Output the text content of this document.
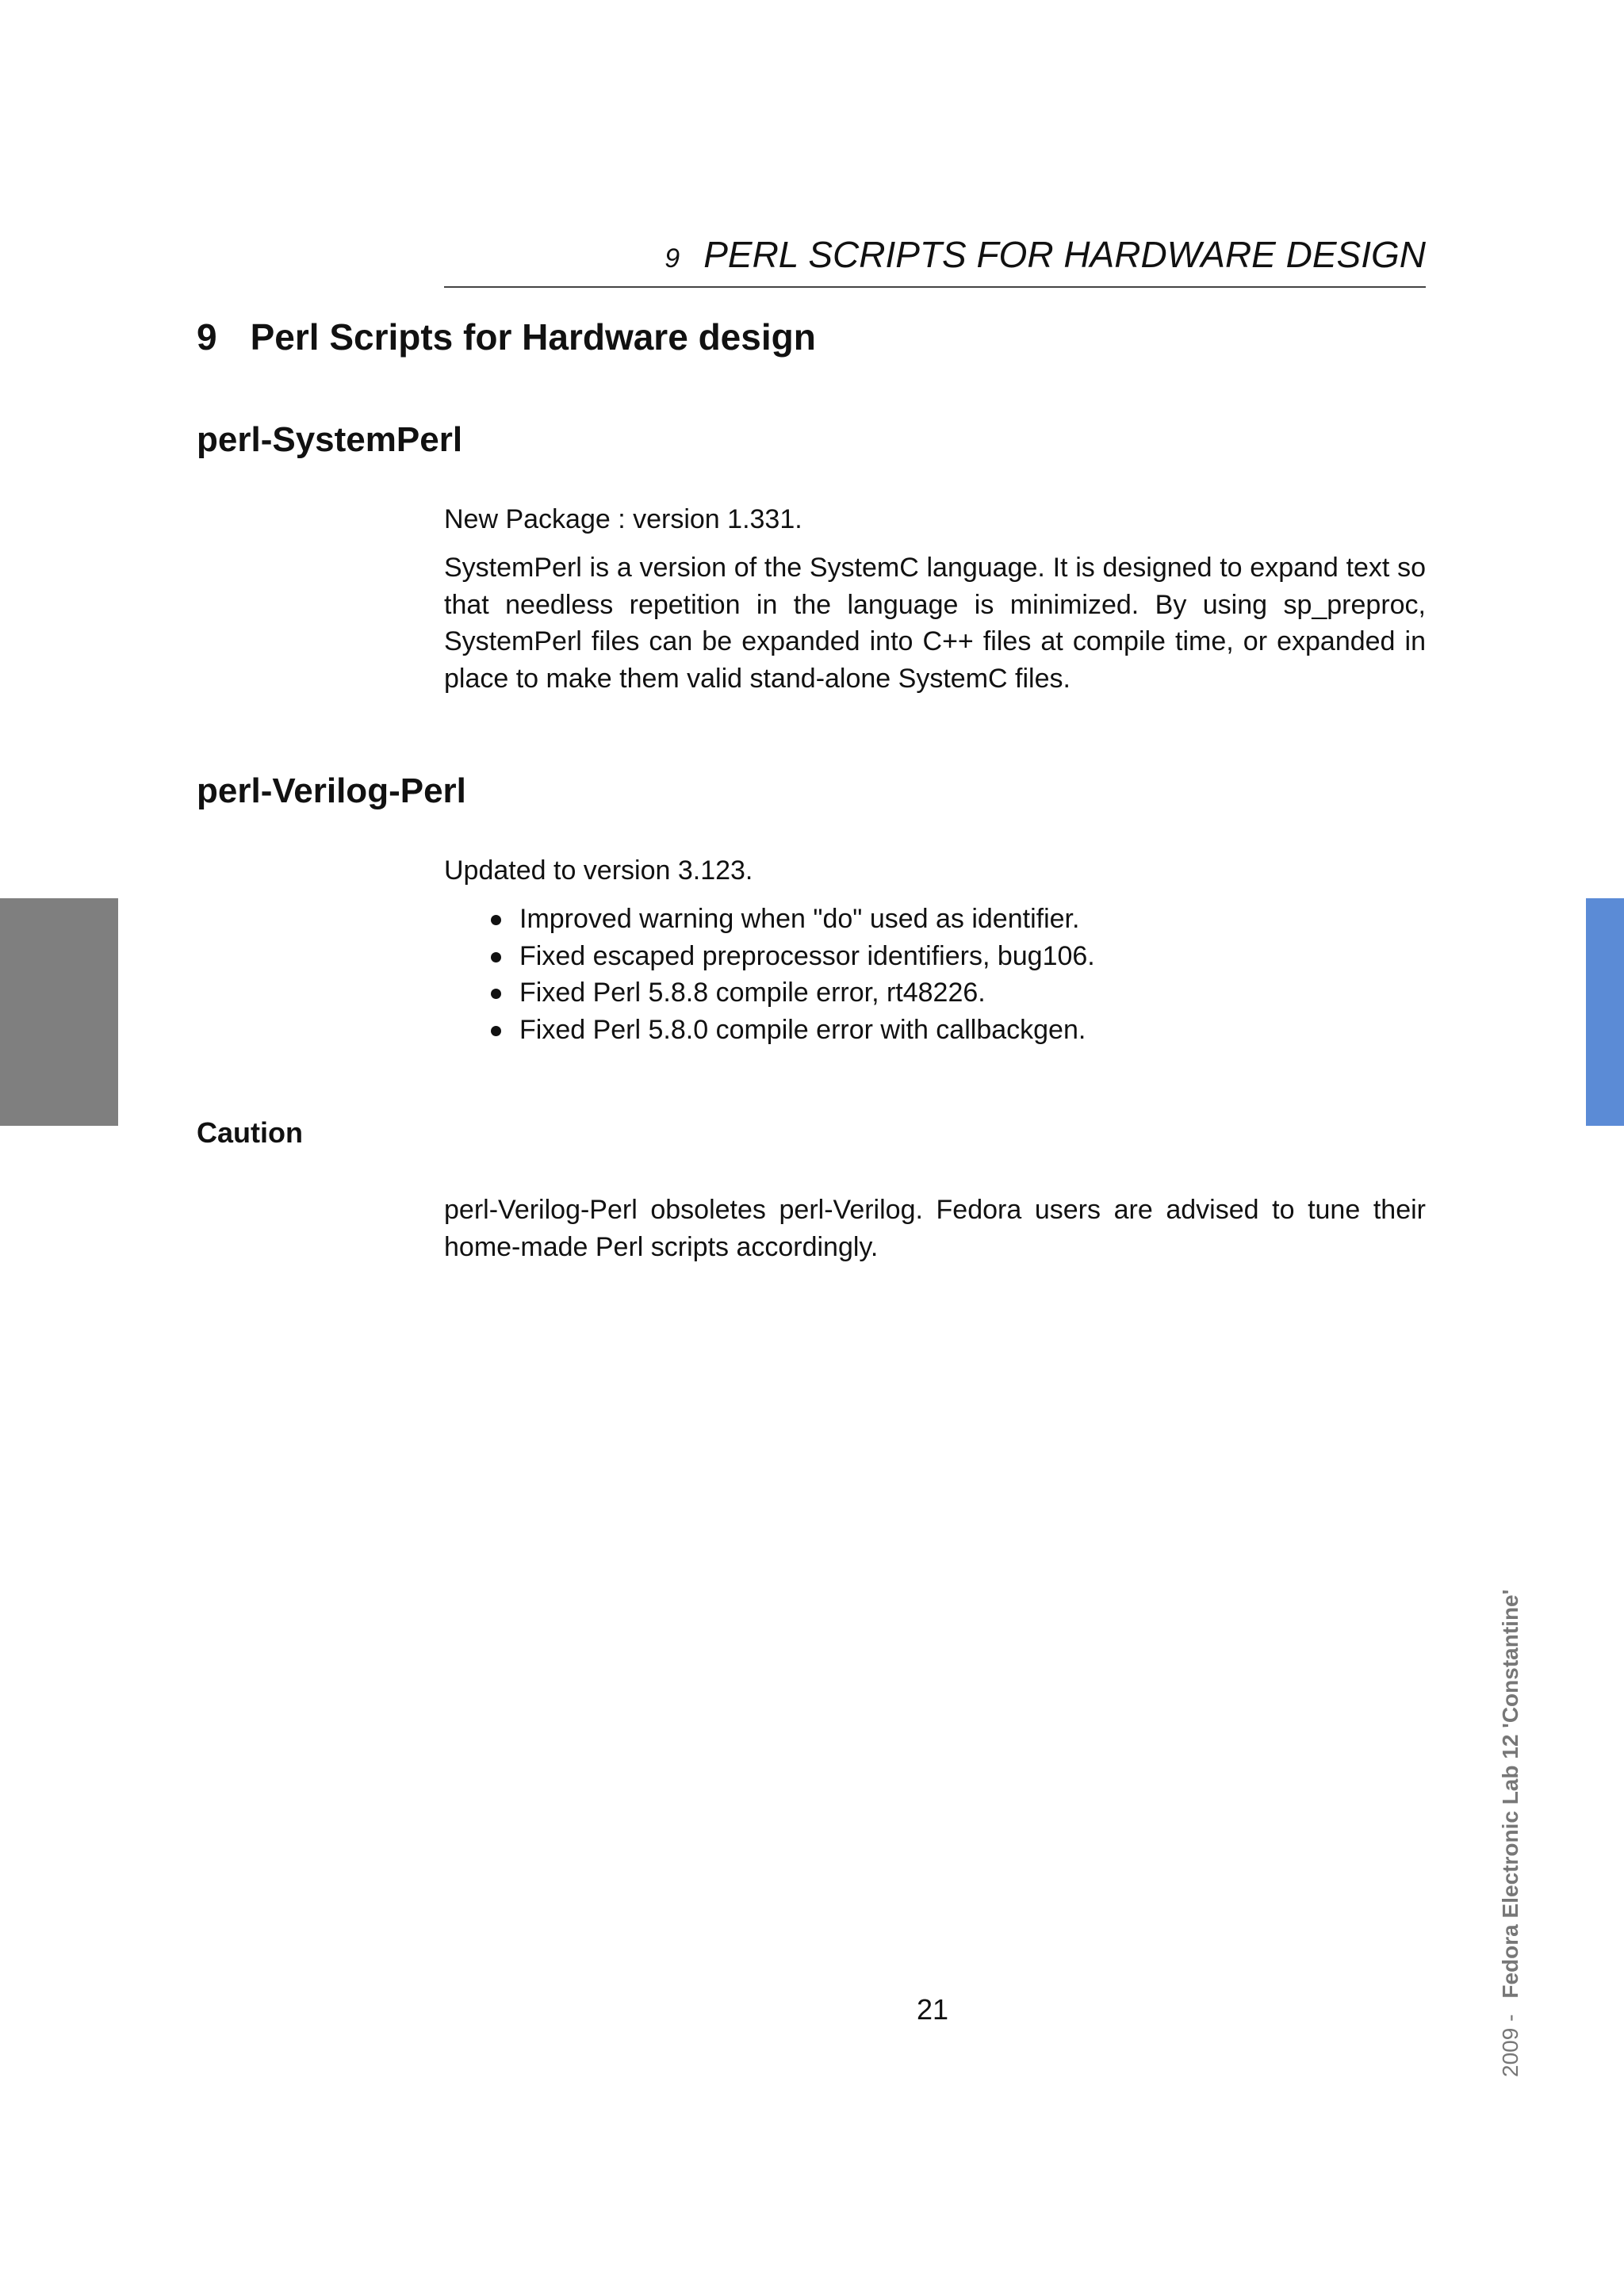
9 PERL SCRIPTS FOR HARDWARE DESIGN
9 Perl Scripts for Hardware design
perl-SystemPerl

New Package : version 1.331.

SystemPerl is a version of the SystemC language. It is designed to expand text so that needless repetition in the language is minimized. By using sp_preproc, SystemPerl files can be expanded into C++ files at compile time, or expanded in place to make them valid stand-alone SystemC files.

perl-Verilog-Perl

Updated to version 3.123.

Improved warning when "do" used as identifier.
Fixed escaped preprocessor identifiers, bug106.
Fixed Perl 5.8.8 compile error, rt48226.
Fixed Perl 5.8.0 compile error with callbackgen.
Caution

perl-Verilog-Perl obsoletes perl-Verilog. Fedora users are advised to tune their home-made Perl scripts accordingly.

21
2009 -Fedora Electronic Lab 12 'Constantine'
